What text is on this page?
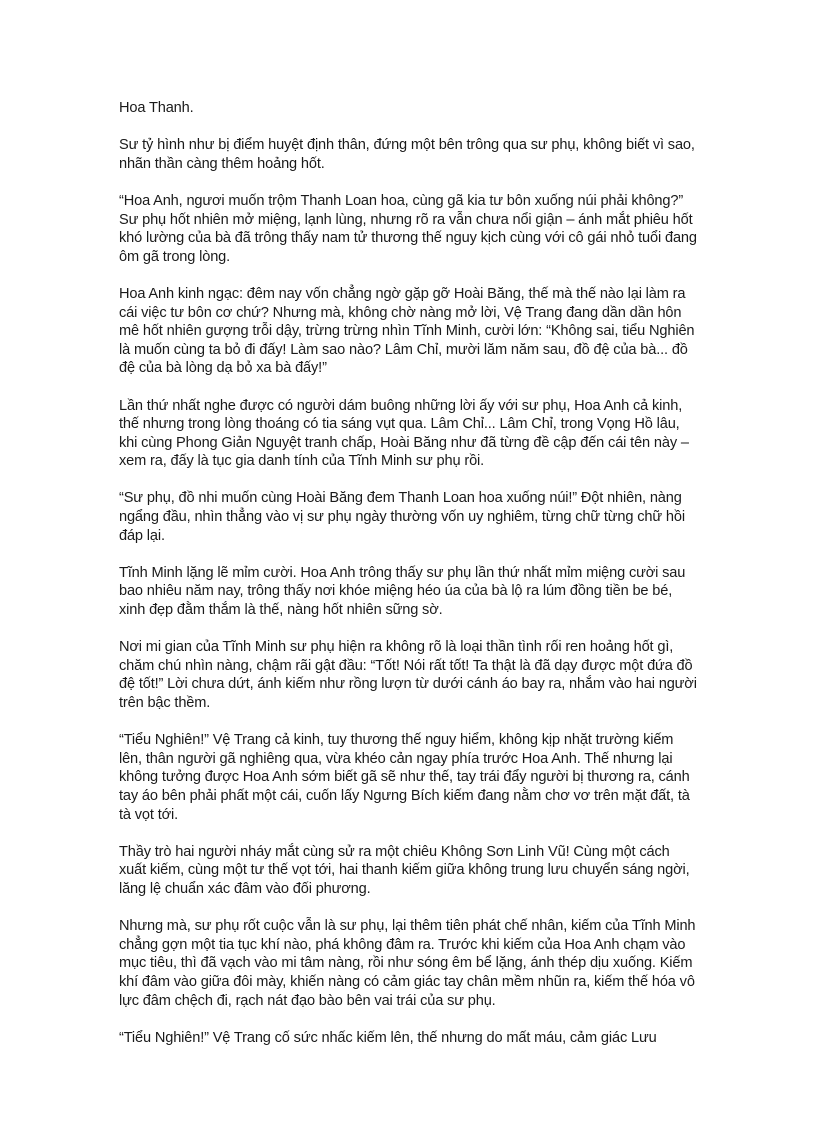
Hoa Thanh.

Sư tỷ hình như bị điểm huyệt định thân, đứng một bên trông qua sư phụ, không biết vì sao, nhãn thần càng thêm hoảng hốt.

“Hoa Anh, ngươi muốn trộm Thanh Loan hoa, cùng gã kia tư bôn xuống núi phải không?” Sư phụ hốt nhiên mở miệng, lạnh lùng, nhưng rõ ra vẫn chưa nổi giận – ánh mắt phiêu hốt khó lường của bà đã trông thấy nam tử thương thế nguy kịch cùng với cô gái nhỏ tuổi đang ôm gã trong lòng.

Hoa Anh kinh ngạc: đêm nay vốn chẳng ngờ gặp gỡ Hoài Băng, thế mà thế nào lại làm ra cái việc tư bôn cơ chứ? Nhưng mà, không chờ nàng mở lời, Vệ Trang đang dần dần hôn mê hốt nhiên gượng trỗi dậy, trừng trừng nhìn Tĩnh Minh, cười lớn: “Không sai, tiểu Nghiên là muốn cùng ta bỏ đi đấy! Làm sao nào? Lâm Chỉ, mười lăm năm sau, đồ đệ của bà... đồ đệ của bà lòng dạ bỏ xa bà đấy!”

Lần thứ nhất nghe được có người dám buông những lời ấy với sư phụ, Hoa Anh cả kinh, thế nhưng trong lòng thoáng có tia sáng vụt qua. Lâm Chỉ... Lâm Chỉ, trong Vọng Hồ lâu, khi cùng Phong Giản Nguyệt tranh chấp, Hoài Băng như đã từng đề cập đến cái tên này – xem ra, đấy là tục gia danh tính của Tĩnh Minh sư phụ rồi.

“Sư phụ, đồ nhi muốn cùng Hoài Băng đem Thanh Loan hoa xuống núi!” Đột nhiên, nàng ngẩng đầu, nhìn thẳng vào vị sư phụ ngày thường vốn uy nghiêm, từng chữ từng chữ hồi đáp lại.

Tĩnh Minh lặng lẽ mỉm cười. Hoa Anh trông thấy sư phụ lần thứ nhất mỉm miệng cười sau bao nhiêu năm nay, trông thấy nơi khóe miệng héo úa của bà lộ ra lúm đồng tiền be bé, xinh đẹp đằm thắm là thế, nàng hốt nhiên sững sờ.

Nơi mi gian của Tĩnh Minh sư phụ hiện ra không rõ là loại thần tình rối ren hoảng hốt gì, chăm chú nhìn nàng, chậm rãi gật đầu: “Tốt! Nói rất tốt! Ta thật là đã dạy được một đứa đồ đệ tốt!” Lời chưa dứt, ánh kiếm như rồng lượn từ dưới cánh áo bay ra, nhắm vào hai người trên bậc thềm.

“Tiểu Nghiên!” Vệ Trang cả kinh, tuy thương thế nguy hiểm, không kịp nhặt trường kiếm lên, thân người gã nghiêng qua, vừa khéo cản ngay phía trước Hoa Anh. Thế nhưng lại không tưởng được Hoa Anh sớm biết gã sẽ như thế, tay trái đẩy người bị thương ra, cánh tay áo bên phải phất một cái, cuốn lấy Ngưng Bích kiếm đang nằm chơ vơ trên mặt đất, tà tà vọt tới.

Thầy trò hai người nháy mắt cùng sử ra một chiêu Không Sơn Linh Vũ! Cùng một cách xuất kiếm, cùng một tư thế vọt tới, hai thanh kiếm giữa không trung lưu chuyển sáng ngời, lăng lệ chuẩn xác đâm vào đối phương.

Nhưng mà, sư phụ rốt cuộc vẫn là sư phụ, lại thêm tiên phát chế nhân, kiếm của Tĩnh Minh chẳng gợn một tia tục khí nào, phá không đâm ra. Trước khi kiếm của Hoa Anh chạm vào mục tiêu, thì đã vạch vào mi tâm nàng, rồi như sóng êm bể lặng, ánh thép dịu xuống. Kiếm khí đâm vào giữa đôi mày, khiến nàng có cảm giác tay chân mềm nhũn ra, kiếm thế hóa vô lực đâm chệch đi, rạch nát đạo bào bên vai trái của sư phụ.

“Tiểu Nghiên!” Vệ Trang cố sức nhấc kiếm lên, thế nhưng do mất máu, cảm giác Lưu
